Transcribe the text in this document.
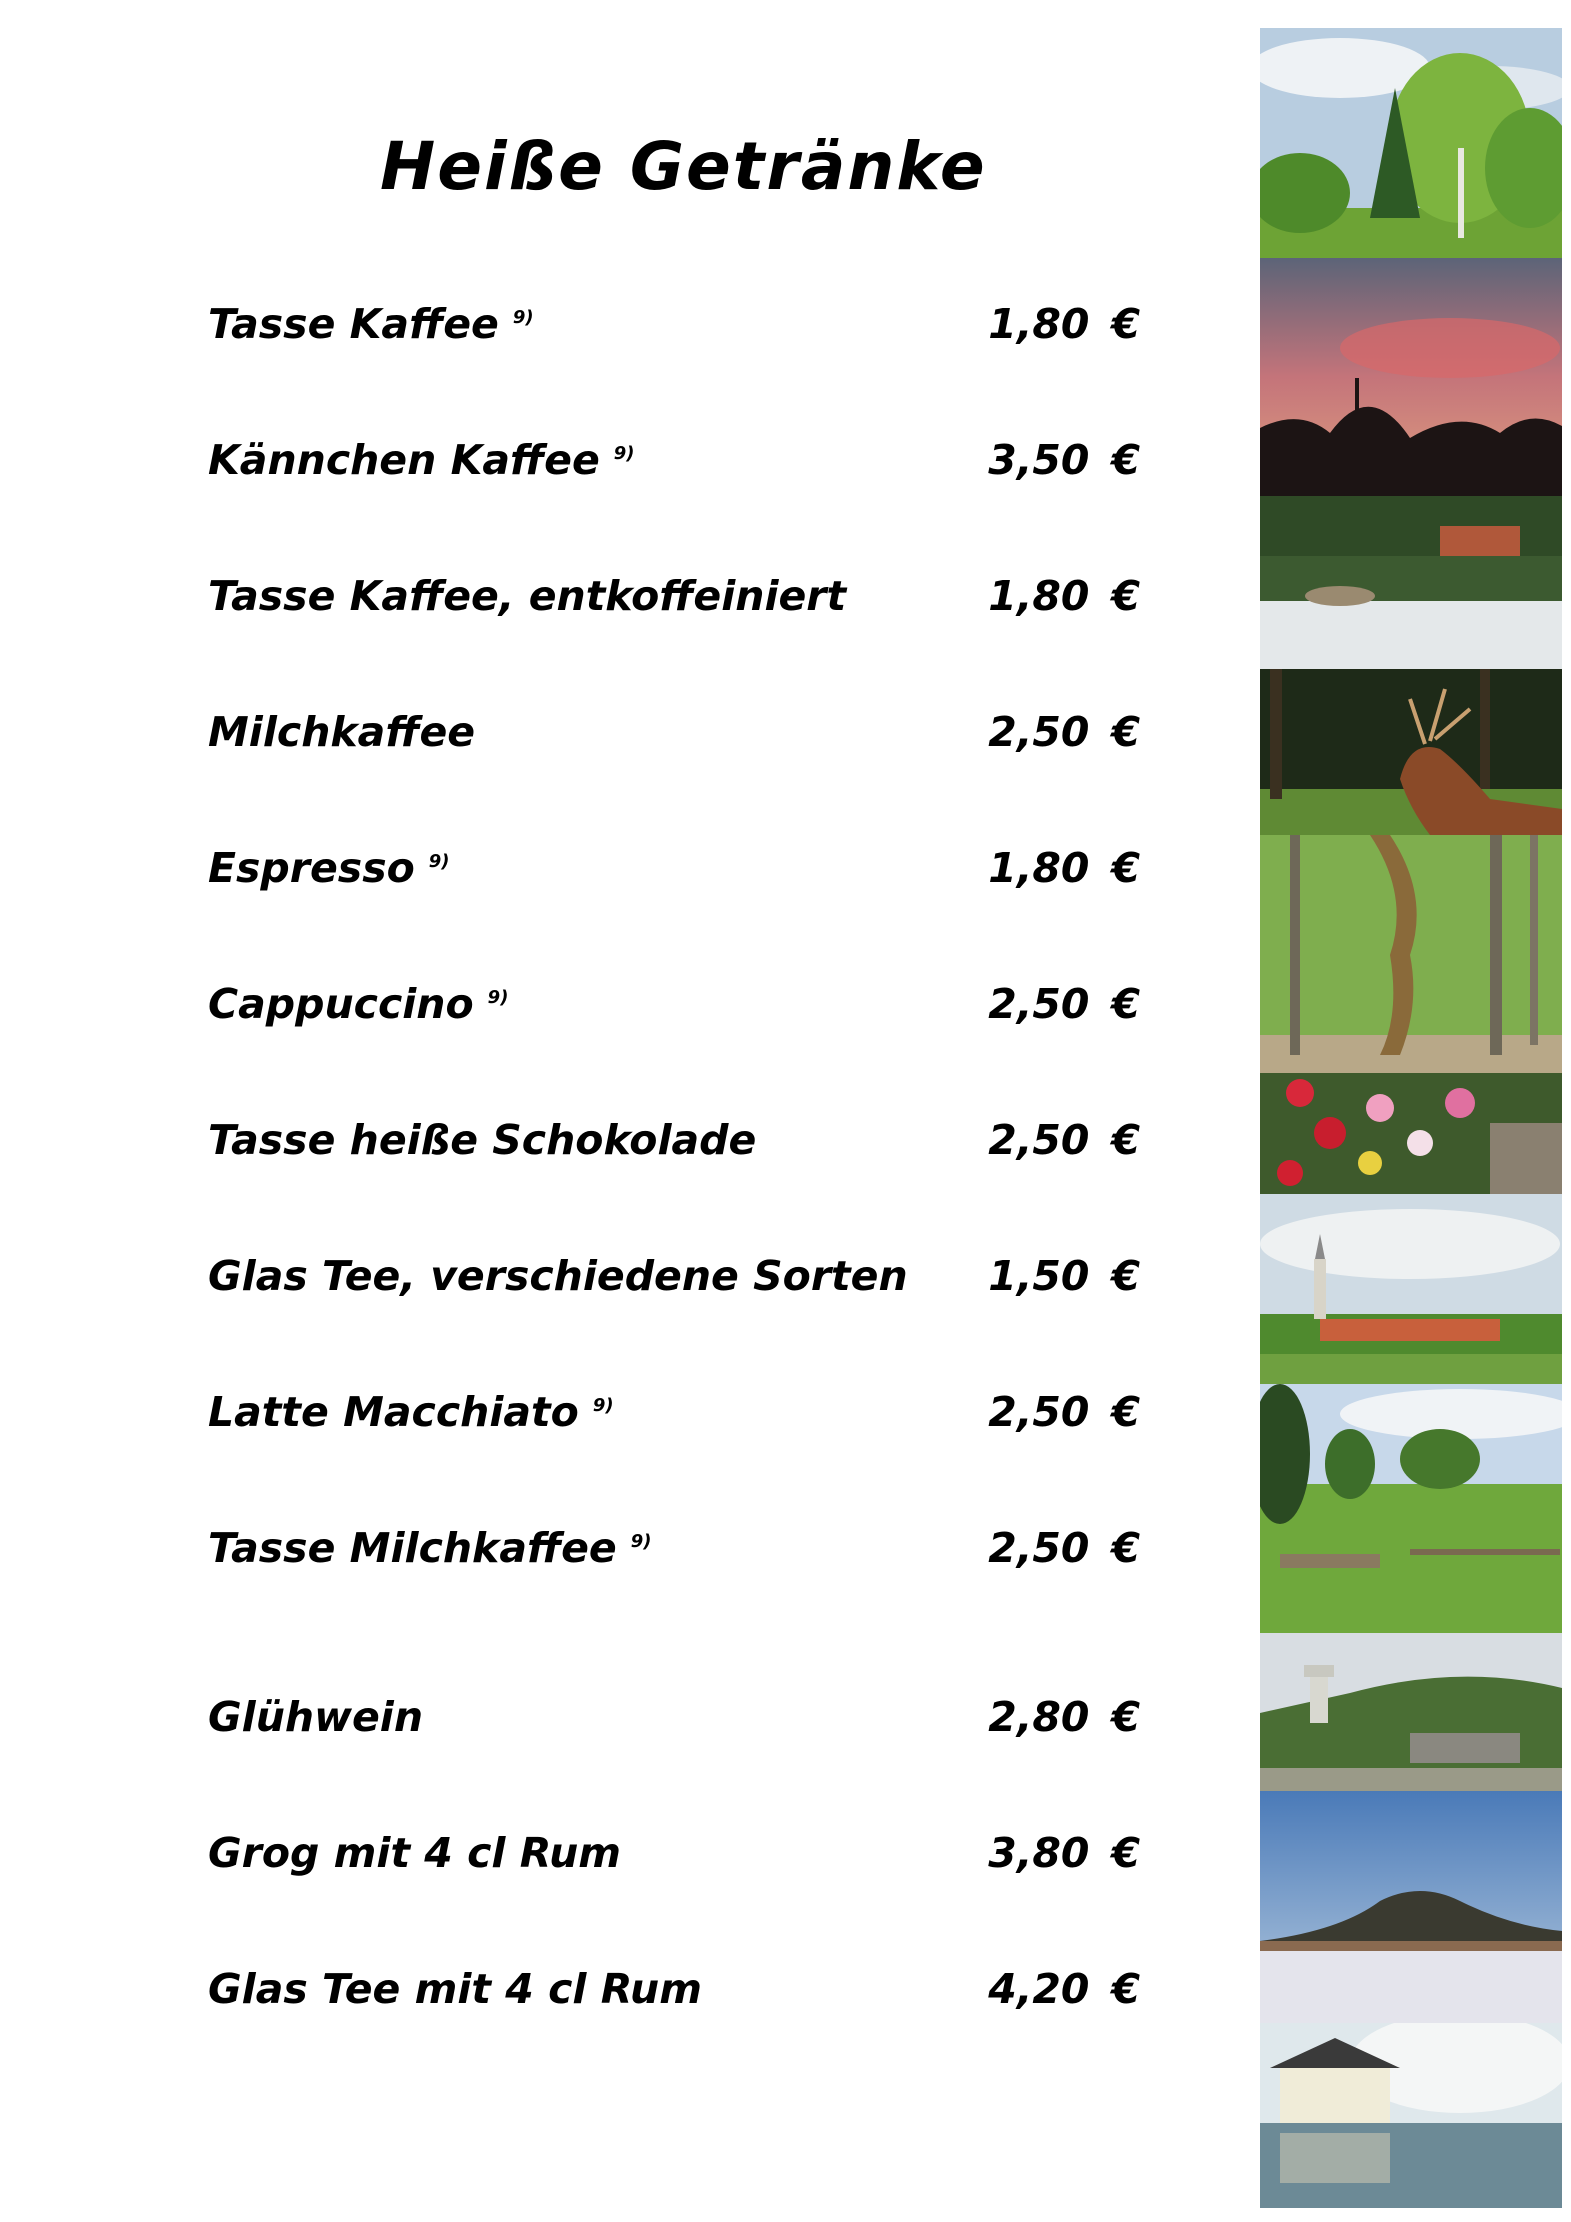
Heiße Getränke
Tasse Kaffee $^{9)}$	1,80 €
Kännchen Kaffee $^{9)}$	3,50 €
Tasse Kaffee, entkoffeiniert	1,80 €
Milchkaffee	2,50 €
Espresso $^{9)}$	1,80 €
Cappuccino $^{9)}$	2,50 €
Tasse heiße Schokolade	2,50 €
Glas Tee, verschiedene Sorten	1,50 €
Latte Macchiato $^{9)}$	2,50 €
Tasse Milchkaffee $^{9)}$	2,50 €
Glühwein	2,80 €
Grog mit 4 cl Rum	3,80 €
Glas Tee mit 4 cl Rum	4,20 €
